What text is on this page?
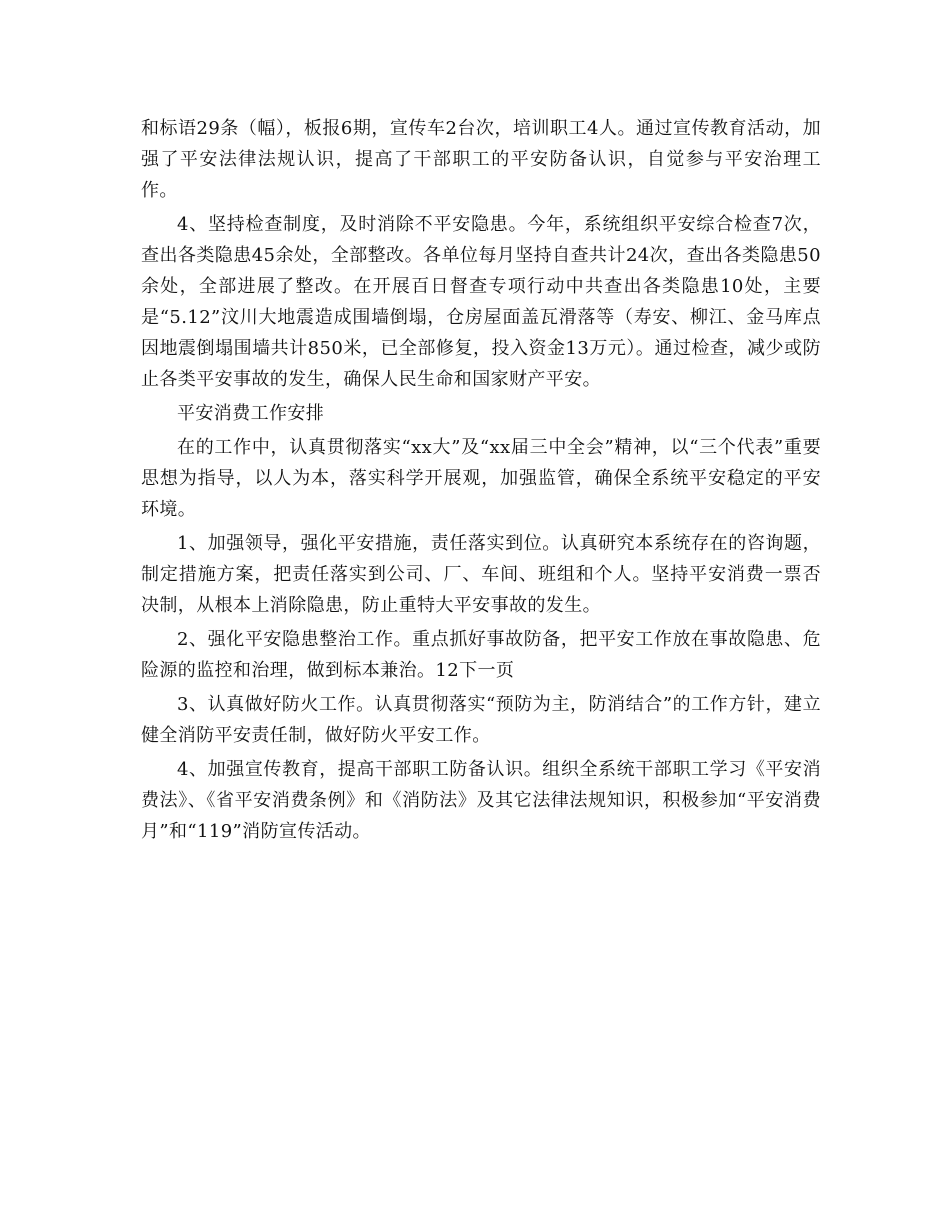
和标语29条（幅），板报6期，宣传车2台次，培训职工4人。通过宣传教育活动，加强了平安法律法规认识，提高了干部职工的平安防备认识，自觉参与平安治理工作。

4、坚持检查制度，及时消除不平安隐患。今年，系统组织平安综合检查7次，查出各类隐患45余处，全部整改。各单位每月坚持自查共计24次，查出各类隐患50余处，全部进展了整改。在开展百日督查专项行动中共查出各类隐患10处，主要是“5.12”汶川大地震造成围墙倒塌，仓房屋面盖瓦滑落等（寿安、柳江、金马库点因地震倒塌围墙共计850米，已全部修复，投入资金13万元）。通过检查，减少或防止各类平安事故的发生，确保人民生命和国家财产平安。

平安消费工作安排

在的工作中，认真贯彻落实“xx大”及“xx届三中全会”精神，以“三个代表”重要思想为指导，以人为本，落实科学开展观，加强监管，确保全系统平安稳定的平安环境。

1、加强领导，强化平安措施，责任落实到位。认真研究本系统存在的咨询题，制定措施方案，把责任落实到公司、厂、车间、班组和个人。坚持平安消费一票否决制，从根本上消除隐患，防止重特大平安事故的发生。

2、强化平安隐患整治工作。重点抓好事故防备，把平安工作放在事故隐患、危险源的监控和治理，做到标本兼治。12下一页

3、认真做好防火工作。认真贯彻落实“预防为主，防消结合”的工作方针，建立健全消防平安责任制，做好防火平安工作。

4、加强宣传教育，提高干部职工防备认识。组织全系统干部职工学习《平安消费法》、《省平安消费条例》和《消防法》及其它法律法规知识，积极参加“平安消费月”和“119”消防宣传活动。
